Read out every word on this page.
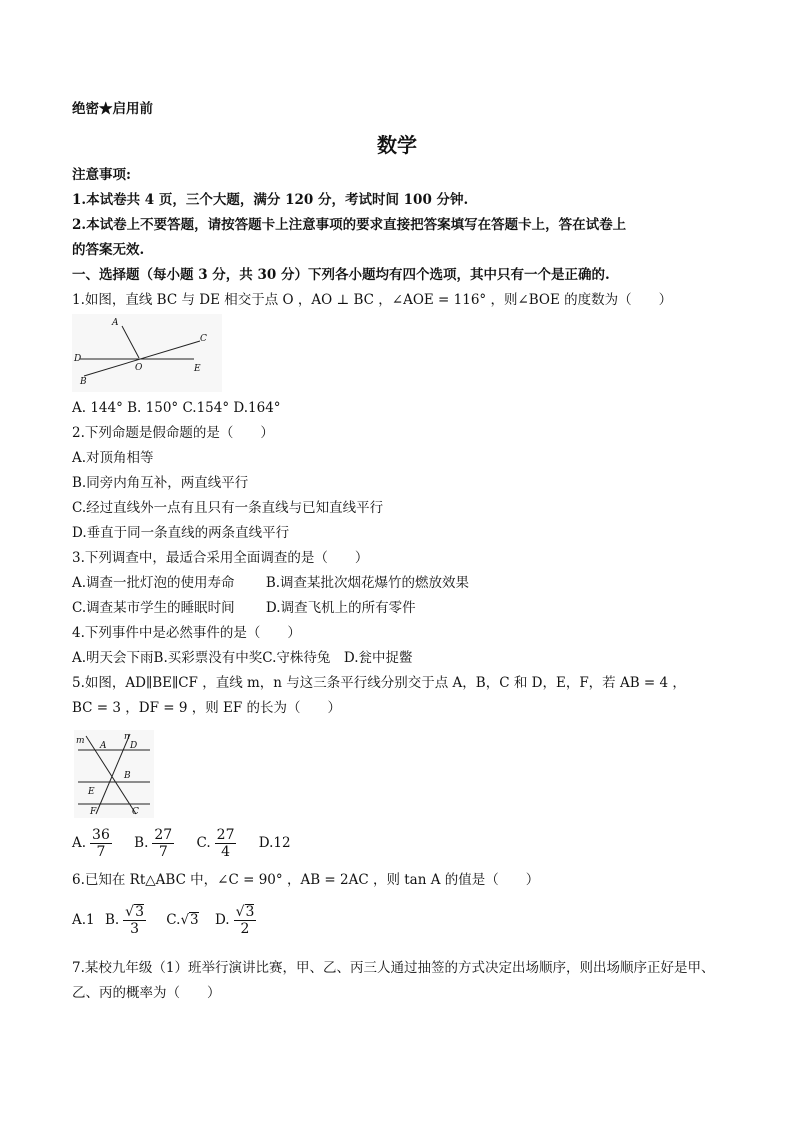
绝密★启用前
数学
注意事项:
1.本试卷共 4 页，三个大题，满分 120 分，考试时间 100 分钟.
2.本试卷上不要答题，请按答题卡上注意事项的要求直接把答案填写在答题卡上，答在试卷上
的答案无效.
一、选择题（每小题 3 分，共 30 分）下列各小题均有四个选项，其中只有一个是正确的.
1.如图，直线 BC 与 DE 相交于点 O ，AO ⊥ BC ，∠AOE = 116° ，则∠BOE 的度数为（　　）
A
C
D
O	E
B
A. 144° B. 150° C.154° D.164°
2.下列命题是假命题的是（　　）
A.对顶角相等
B.同旁内角互补，两直线平行
C.经过直线外一点有且只有一条直线与已知直线平行
D.垂直于同一条直线的两条直线平行
3.下列调查中，最适合采用全面调查的是（　　）
A.调查一批灯泡的使用寿命　　 B.调查某批次烟花爆竹的燃放效果
C.调查某市学生的睡眠时间　　 D.调查飞机上的所有零件
4.下列事件中是必然事件的是（　　）
A.明天会下雨B.买彩票没有中奖C.守株待兔　D.瓮中捉鳖
5.如图，AD∥BE∥CF ，直线 m，n 与这三条平行线分别交于点 A，B，C 和 D，E，F，若 AB = 4 ，
BC = 3 ，DF = 9 ，则 EF 的长为（　　）
m	n
A	D
B
E
F	C
A. $\frac{36}{7} B$. $\frac{27}{7} C$. $\frac{27}{4} D.12$
6.已知在 Rt△ABC 中，∠C = 90° ，AB = 2AC ，则 tan A 的值是（　　）
A.1 B. $\frac{√3}{3} C.√3$ D. $\frac{√3}{2}$
7.某校九年级（1）班举行演讲比赛，甲、乙、丙三人通过抽签的方式决定出场顺序，则出场顺序正好是甲、
乙、丙的概率为（　　）
